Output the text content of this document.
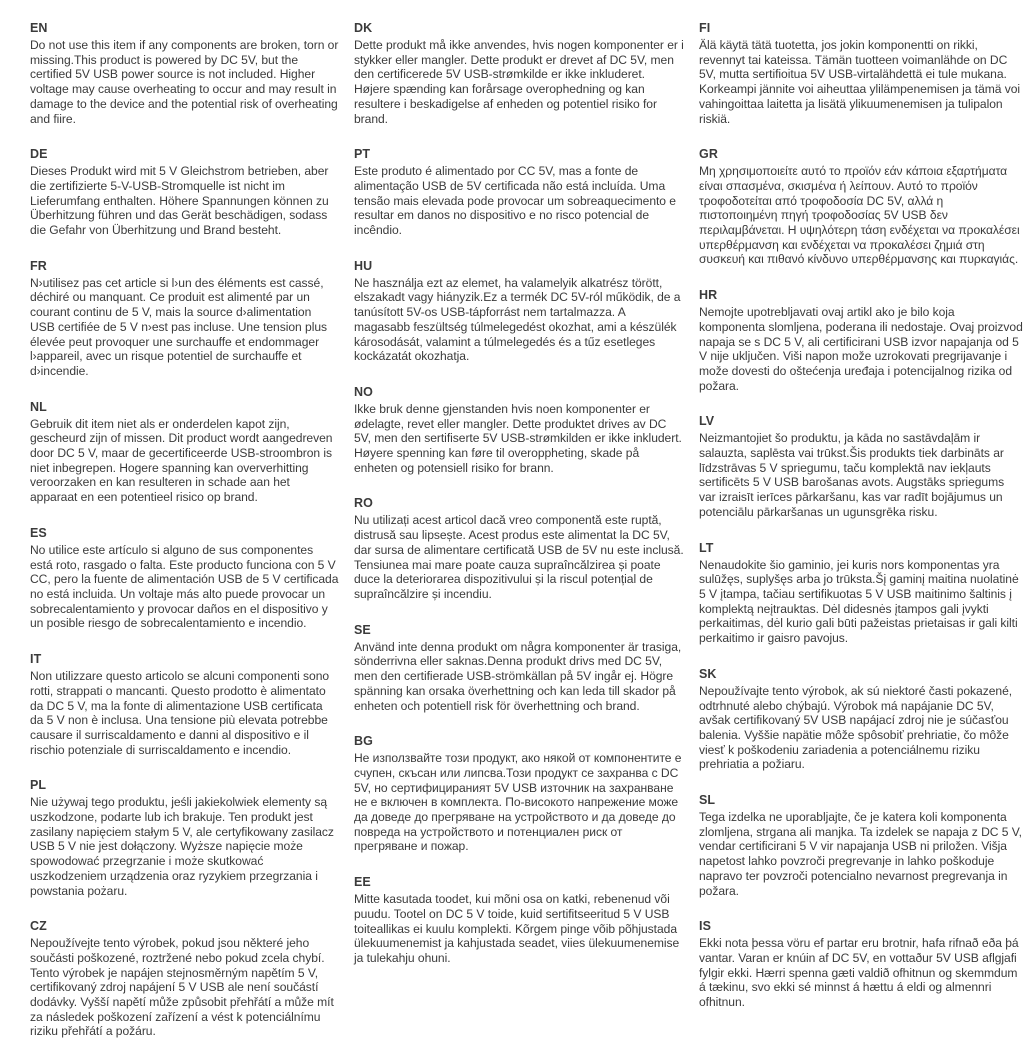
EN

Do not use this item if any components are broken, torn or missing.This product is powered by DC 5V, but the certified 5V USB power source is not included. Higher voltage may cause overheating to occur and may result in damage to the device and the potential risk of overheating and fiire.

DE

Dieses Produkt wird mit 5 V Gleichstrom betrieben, aber die zertifizierte 5-V-USB-Stromquelle ist nicht im Lieferumfang enthalten. Höhere Spannungen können zu Überhitzung führen und das Gerät beschädigen, sodass die Gefahr von Überhitzung und Brand besteht.

FR

N›utilisez pas cet article si l›un des éléments est cassé, déchiré ou manquant. Ce produit est alimenté par un courant continu de 5 V, mais la source d›alimentation USB certifiée de 5 V n›est pas incluse. Une tension plus élevée peut provoquer une surchauffe et endommager l›appareil, avec un risque potentiel de surchauffe et d›incendie.

NL

Gebruik dit item niet als er onderdelen kapot zijn, gescheurd zijn of missen. Dit product wordt aangedreven door DC 5 V, maar de gecertificeerde USB-stroombron is niet inbegrepen. Hogere spanning kan oververhitting veroorzaken en kan resulteren in schade aan het apparaat en een potentieel risico op brand.

ES

No utilice este artículo si alguno de sus componentes está roto, rasgado o falta. Este producto funciona con 5 V CC, pero la fuente de alimentación USB de 5 V certificada no está incluida. Un voltaje más alto puede provocar un sobrecalentamiento y provocar daños en el dispositivo y un posible riesgo de sobrecalentamiento e incendio.

IT

Non utilizzare questo articolo se alcuni componenti sono rotti, strappati o mancanti. Questo prodotto è alimentato da DC 5 V, ma la fonte di alimentazione USB certificata da 5 V non è inclusa. Una tensione più elevata potrebbe causare il surriscaldamento e danni al dispositivo e il rischio potenziale di surriscaldamento e incendio.

PL

Nie używaj tego produktu, jeśli jakiekolwiek elementy są uszkodzone, podarte lub ich brakuje. Ten produkt jest zasilany napięciem stałym 5 V, ale certyfikowany zasilacz USB 5 V nie jest dołączony. Wyższe napięcie może spowodować przegrzanie i może skutkować uszkodzeniem urządzenia oraz ryzykiem przegrzania i powstania pożaru.

CZ

Nepoužívejte tento výrobek, pokud jsou některé jeho součásti poškozené, roztržené nebo pokud zcela chybí. Tento výrobek je napájen stejnosměrným napětím 5 V, certifikovaný zdroj napájení 5 V USB ale není součástí dodávky. Vyšší napětí může způsobit přehřátí a může mít za následek poškození zařízení a vést k potenciálnímu riziku přehřátí a požáru.

DK

Dette produkt må ikke anvendes, hvis nogen komponenter er i stykker eller mangler. Dette produkt er drevet af DC 5V, men den certificerede 5V USB-strømkilde er ikke inkluderet. Højere spænding kan forårsage overophedning og kan resultere i beskadigelse af enheden og potentiel risiko for brand.

PT

Este produto é alimentado por CC 5V, mas a fonte de alimentação USB de 5V certificada não está incluída. Uma tensão mais elevada pode provocar um sobreaquecimento e resultar em danos no dispositivo e no risco potencial de incêndio.

HU

Ne használja ezt az elemet, ha valamelyik alkatrész törött, elszakadt vagy hiányzik.Ez a termék DC 5V-ról működik, de a tanúsított 5V-os USB-tápforrást nem tartalmazza. A magasabb feszültség túlmelegedést okozhat, ami a készülék károsodását, valamint a túlmelegedés és a tűz esetleges kockázatát okozhatja.

NO

Ikke bruk denne gjenstanden hvis noen komponenter er ødelagte, revet eller mangler. Dette produktet drives av DC 5V, men den sertifiserte 5V USB-strømkilden er ikke inkludert. Høyere spenning kan føre til overoppheting, skade på enheten og potensiell risiko for brann.

RO

Nu utilizați acest articol dacă vreo componentă este ruptă, distrusă sau lipsește. Acest produs este alimentat la DC 5V, dar sursa de alimentare certificată USB de 5V nu este inclusă. Tensiunea mai mare poate cauza supraîncălzirea și poate duce la deteriorarea dispozitivului și la riscul potențial de supraîncălzire și incendiu.

SE

Använd inte denna produkt om några komponenter är trasiga, sönderrivna eller saknas.Denna produkt drivs med DC 5V, men den certifierade USB-strömkällan på 5V ingår ej. Högre spänning kan orsaka överhettning och kan leda till skador på enheten och potentiell risk för överhettning och brand.

BG

Не използвайте този продукт, ако някой от компонентите е счупен, скъсан или липсва.Този продукт се захранва с DC 5V, но сертифицираният 5V USB източник на захранване не е включен в комплекта. По-високото напрежение може да доведе до прегряване на устройството и да доведе до повреда на устройството и потенциален риск от прегряване и пожар.

EE

Mitte kasutada toodet, kui mõni osa on katki, rebenenud või puudu. Tootel on DC 5 V toide, kuid sertifitseeritud 5 V USB toiteallikas ei kuulu komplekti. Kõrgem pinge võib põhjustada ülekuumenemist ja kahjustada seadet, viies ülekuumenemise ja tulekahju ohuni.

FI

Älä käytä tätä tuotetta, jos jokin komponentti on rikki, revennyt tai kateissa. Tämän tuotteen voimanlähde on DC 5V, mutta sertifioitua 5V USB-virtalähdettä ei tule mukana. Korkeampi jännite voi aiheuttaa ylilämpenemisen ja tämä voi vahingoittaa laitetta ja lisätä ylikuumenemisen ja tulipalon riskiä.

GR

Μη χρησιμοποιείτε αυτό το προϊόν εάν κάποια εξαρτήματα είναι σπασμένα, σκισμένα ή λείπουν. Αυτό το προϊόν τροφοδοτείται από τροφοδοσία DC 5V, αλλά η πιστοποιημένη πηγή τροφοδοσίας 5V USB δεν περιλαμβάνεται. Η υψηλότερη τάση ενδέχεται να προκαλέσει υπερθέρμανση και ενδέχεται να προκαλέσει ζημιά στη συσκευή και πιθανό κίνδυνο υπερθέρμανσης και πυρκαγιάς.

HR

Nemojte upotrebljavati ovaj artikl ako je bilo koja komponenta slomljena, poderana ili nedostaje. Ovaj proizvod napaja se s DC 5 V, ali certificirani USB izvor napajanja od 5 V nije uključen. Viši napon može uzrokovati pregrijavanje i može dovesti do oštećenja uređaja i potencijalnog rizika od požara.

LV

Neizmantojiet šo produktu, ja kāda no sastāvdaļām ir salauzta, saplēsta vai trūkst.Šis produkts tiek darbināts ar līdzstrāvas 5 V spriegumu, taču komplektā nav iekļauts sertificēts 5 V USB barošanas avots. Augstāks spriegums var izraisīt ierīces pārkaršanu, kas var radīt bojājumus un potenciālu pārkaršanas un ugunsgrēka risku.

LT

Nenaudokite šio gaminio, jei kuris nors komponentas yra sulūžęs, suplyšęs arba jo trūksta.Šį gaminį maitina nuolatinė 5 V įtampa, tačiau sertifikuotas 5 V USB maitinimo šaltinis į komplektą neįtrauktas. Dėl didesnės įtampos gali įvykti perkaitimas, dėl kurio gali būti pažeistas prietaisas ir gali kilti perkaitimo ir gaisro pavojus.

SK

Nepoužívajte tento výrobok, ak sú niektoré časti pokazené, odtrhnuté alebo chýbajú. Výrobok má napájanie DC 5V, avšak certifikovaný 5V USB napájací zdroj nie je súčasťou balenia. Vyššie napätie môže spôsobiť prehriatie, čo môže viesť k poškodeniu zariadenia a potenciálnemu riziku prehriatia a požiaru.

SL

Tega izdelka ne uporabljajte, če je katera koli komponenta zlomljena, strgana ali manjka. Ta izdelek se napaja z DC 5 V, vendar certificirani 5 V vir napajanja USB ni priložen. Višja napetost lahko povzroči pregrevanje in lahko poškoduje napravo ter povzroči potencialno nevarnost pregrevanja in požara.

IS

Ekki nota þessa vöru ef partar eru brotnir, hafa rifnað eða þá vantar. Varan er knúin af DC 5V, en vottaður 5V USB aflgjafi fylgir ekki. Hærri spenna gæti valdið ofhitnun og skemmdum á tækinu, svo ekki sé minnst á hættu á eldi og almennri ofhitnun.
